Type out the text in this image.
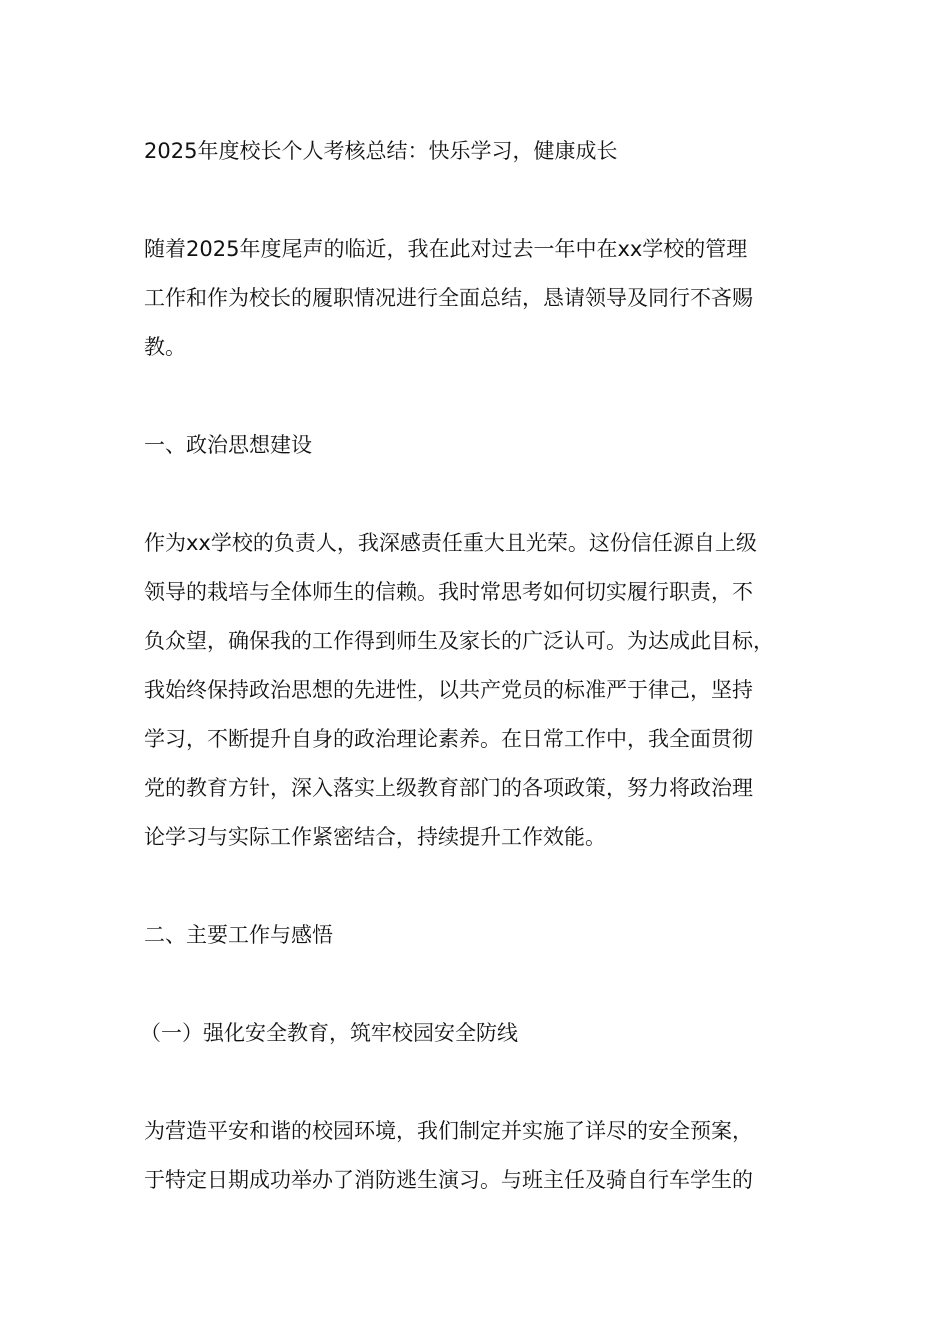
2025年度校长个人考核总结：快乐学习，健康成长
随着2025年度尾声的临近，我在此对过去一年中在xx学校的管理
工作和作为校长的履职情况进行全面总结，恳请领导及同行不吝赐
教。
一、政治思想建设
作为xx学校的负责人，我深感责任重大且光荣。这份信任源自上级
领导的栽培与全体师生的信赖。我时常思考如何切实履行职责，不
负众望，确保我的工作得到师生及家长的广泛认可。为达成此目标，
我始终保持政治思想的先进性，以共产党员的标准严于律己，坚持
学习，不断提升自身的政治理论素养。在日常工作中，我全面贯彻
党的教育方针，深入落实上级教育部门的各项政策，努力将政治理
论学习与实际工作紧密结合，持续提升工作效能。
二、主要工作与感悟
（一）强化安全教育，筑牢校园安全防线
为营造平安和谐的校园环境，我们制定并实施了详尽的安全预案，
于特定日期成功举办了消防逃生演习。与班主任及骑自行车学生的
